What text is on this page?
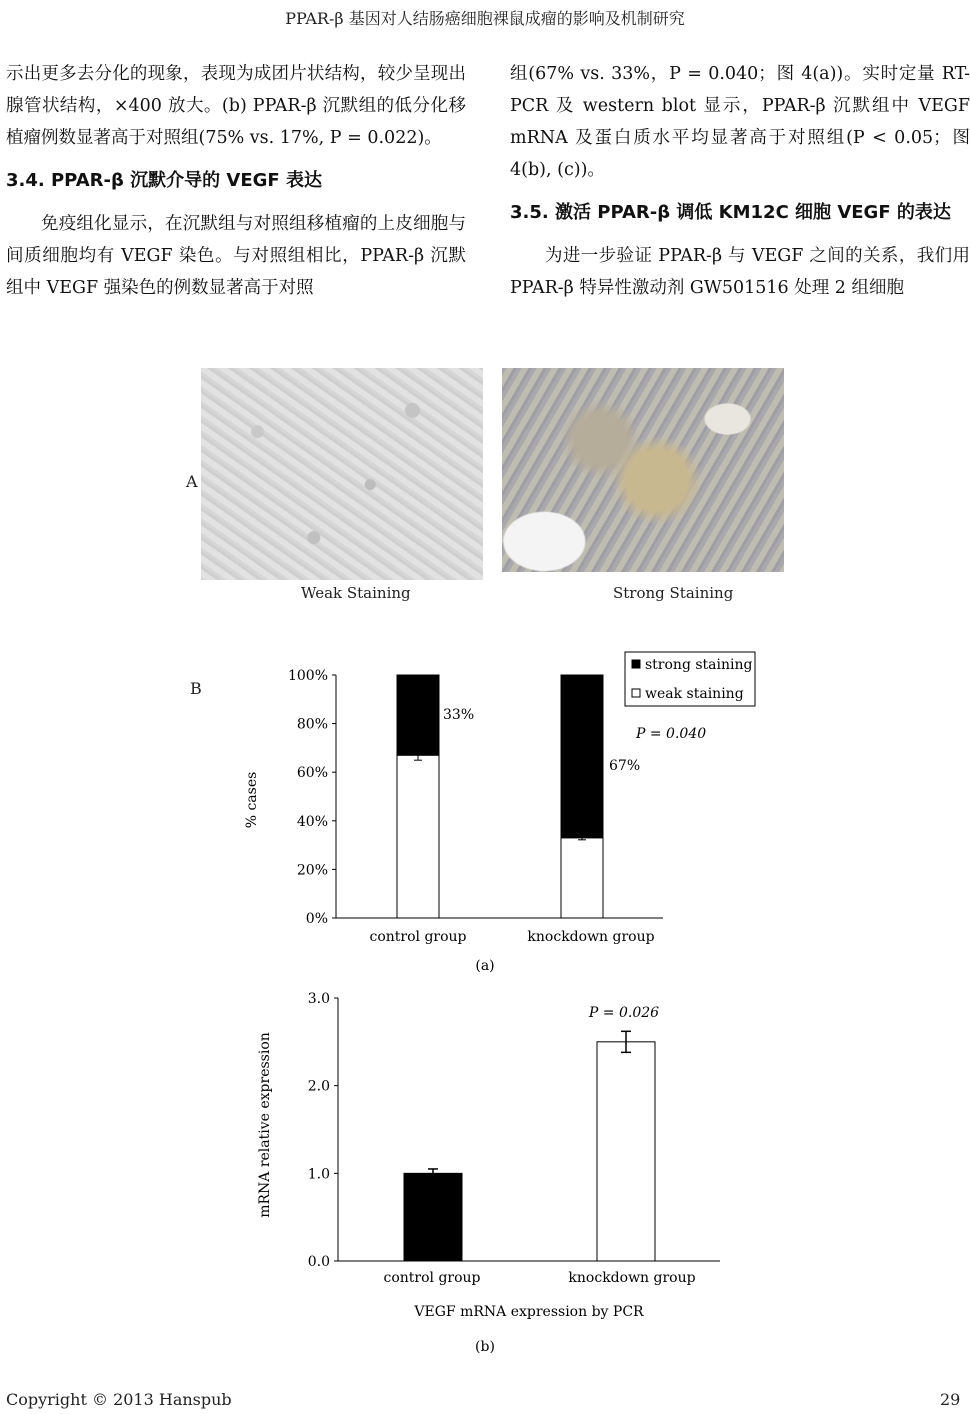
PPAR-β 基因对人结肠癌细胞裸鼠成瘤的影响及机制研究

示出更多去分化的现象，表现为成团片状结构，较少呈现出腺管状结构，×400 放大。(b) PPAR-β 沉默组的低分化移植瘤例数显著高于对照组(75% vs. 17%, P = 0.022)。

3.4. PPAR-β 沉默介导的 VEGF 表达

免疫组化显示，在沉默组与对照组移植瘤的上皮细胞与间质细胞均有 VEGF 染色。与对照组相比，PPAR-β 沉默组中 VEGF 强染色的例数显著高于对照

组(67% vs. 33%，P = 0.040；图 4(a))。实时定量 RT-PCR 及 western blot 显示，PPAR-β 沉默组中 VEGF mRNA 及蛋白质水平均显著高于对照组(P < 0.05；图 4(b), (c))。

3.5. 激活 PPAR-β 调低 KM12C 细胞 VEGF 的表达

为进一步验证 PPAR-β 与 VEGF 之间的关系，我们用 PPAR-β 特异性激动剂 GW501516 处理 2 组细胞

A
Weak Staining	Strong Staining
B
0%
20%
40%
60%
80%
100%
33%
67%
P = 0.040
% cases
control group	knockdown group
strong staining
weak staining
(a)
0.0
1.0
2.0
3.0
P = 0.026
mRNA relative expression
control group	knockdown group
VEGF mRNA expression by PCR
(b)
Copyright © 2013 Hanspub	29
